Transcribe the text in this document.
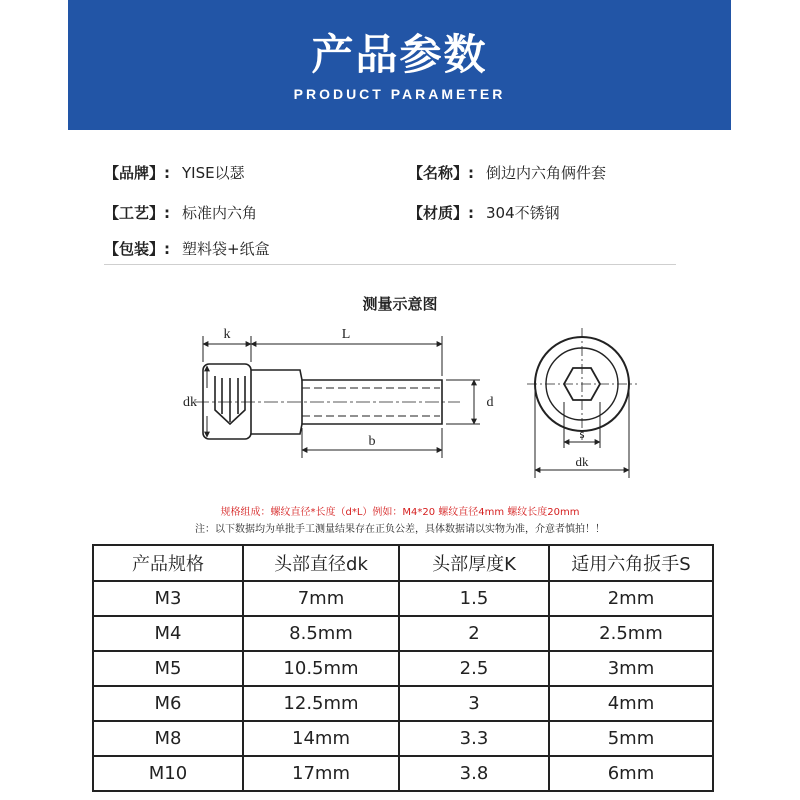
产品参数
PRODUCT PARAMETER
【品牌】: YISE以瑟	【名称】: 倒边内六角俩件套
【工艺】: 标准内六角	【材质】: 304不锈钢
【包装】: 塑料袋+纸盒
测量示意图
k	L
dk	d
b
s
dk
规格组成：螺纹直径*长度（d*L）例如：M4*20 螺纹直径4mm 螺纹长度20mm
注：以下数据均为单批手工测量结果存在正负公差，具体数据请以实物为准，介意者慎拍！！
产品规格	头部直径dk	头部厚度K	适用六角扳手S
M3	7mm	1.5	2mm
M4	8.5mm	2	2.5mm
M5	10.5mm	2.5	3mm
M6	12.5mm	3	4mm
M8	14mm	3.3	5mm
M10	17mm	3.8	6mm
